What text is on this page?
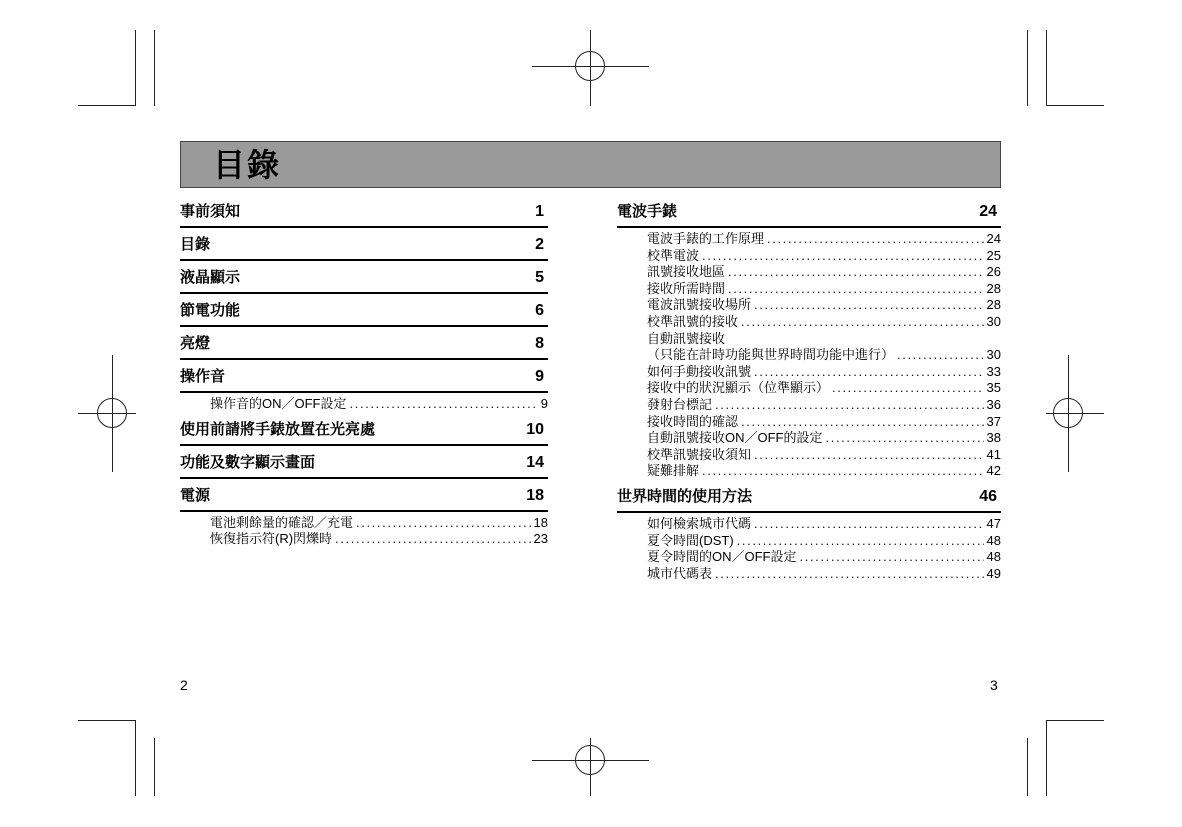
目錄
事前須知	1
目錄	2
液晶顯示	5
節電功能	6
亮燈	8
操作音	9
操作音的ON／OFF設定 . . .	9
使用前請將手錶放置在光亮處	10
功能及數字顯示畫面	14
電源	18
電池剩餘量的確認／充電 . . .	18
恢復指示符(R)閃爍時 . . .	23
電波手錶	24
電波手錶的工作原理 . . .	24
校準電波 . . .	25
訊號接收地區 . . .	26
接收所需時間 . . .	28
電波訊號接收場所 . . .	28
校準訊號的接收 . . .	30
自動訊號接收
（只能在計時功能與世界時間功能中進行） . . .	30
如何手動接收訊號 . . .	33
接收中的狀況顯示（位準顯示） . . .	35
發射台標記 . . .	36
接收時間的確認 . . .	37
自動訊號接收ON／OFF的設定 . . .	38
校準訊號接收須知 . . .	41
疑難排解 . . .	42
世界時間的使用方法	46
如何檢索城市代碼 . . .	47
夏令時間(DST) . . .	48
夏令時間的ON／OFF設定 . . .	48
城市代碼表 . . .	49
2	3
